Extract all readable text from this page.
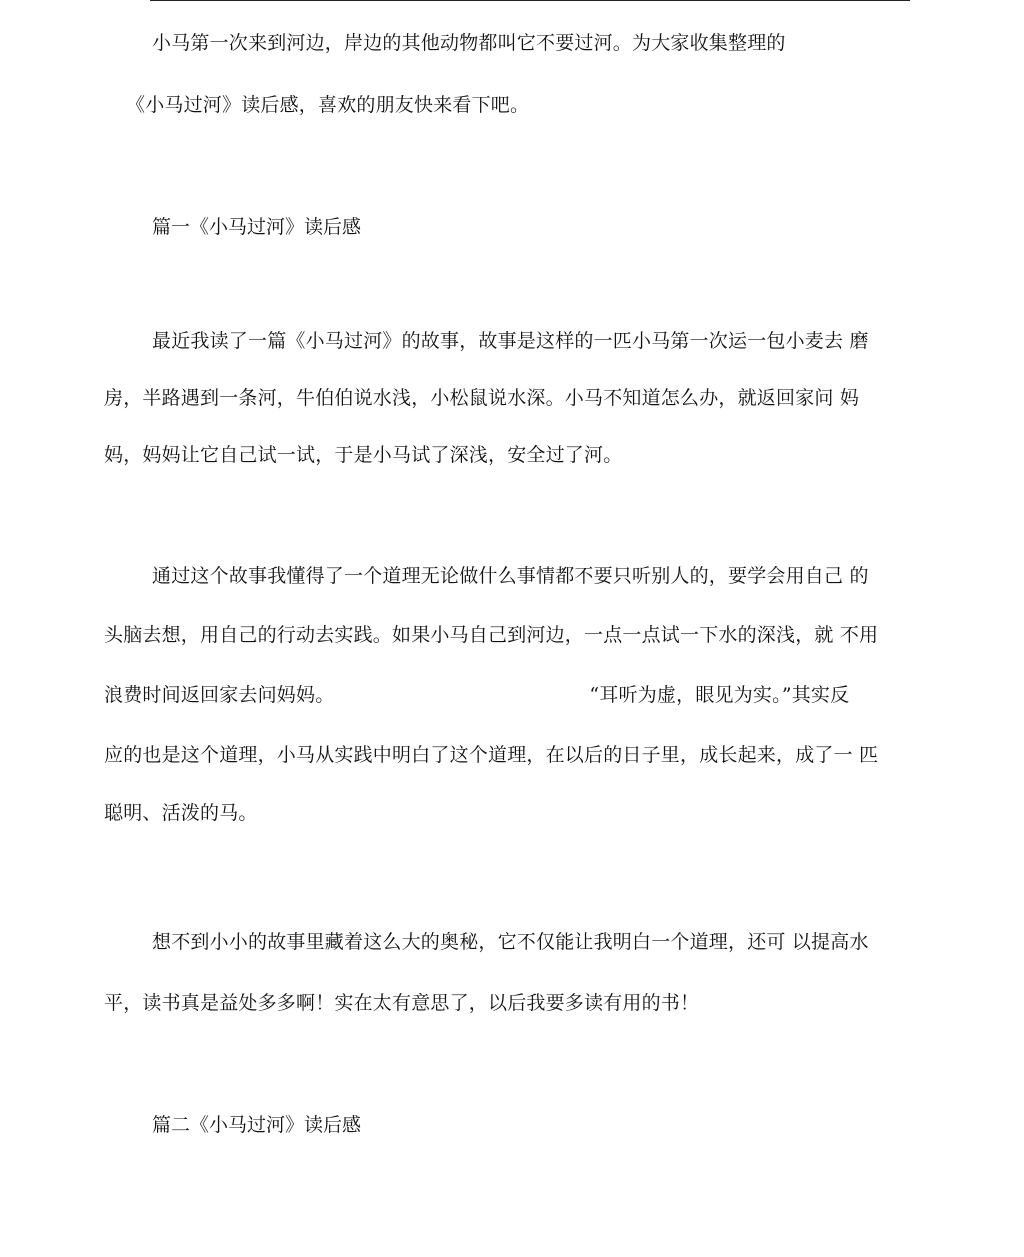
小马第一次来到河边，岸边的其他动物都叫它不要过河。为大家收集整理的
《小马过河》读后感，喜欢的朋友快来看下吧。
篇一《小马过河》读后感
最近我读了一篇《小马过河》的故事，故事是这样的一匹小马第一次运一包小麦去 磨
房，半路遇到一条河，牛伯伯说水浅，小松鼠说水深。小马不知道怎么办，就返回家问 妈
妈，妈妈让它自己试一试，于是小马试了深浅，安全过了河。
通过这个故事我懂得了一个道理无论做什么事情都不要只听别人的，要学会用自己 的
头脑去想，用自己的行动去实践。如果小马自己到河边，一点一点试一下水的深浅，就 不用
浪费时间返回家去问妈妈。	“耳听为虚，眼见为实。”其实反
应的也是这个道理，小马从实践中明白了这个道理，在以后的日子里，成长起来，成了一 匹
聪明、活泼的马。
想不到小小的故事里藏着这么大的奥秘，它不仅能让我明白一个道理，还可 以提高水
平，读书真是益处多多啊！实在太有意思了，以后我要多读有用的书！
篇二《小马过河》读后感
